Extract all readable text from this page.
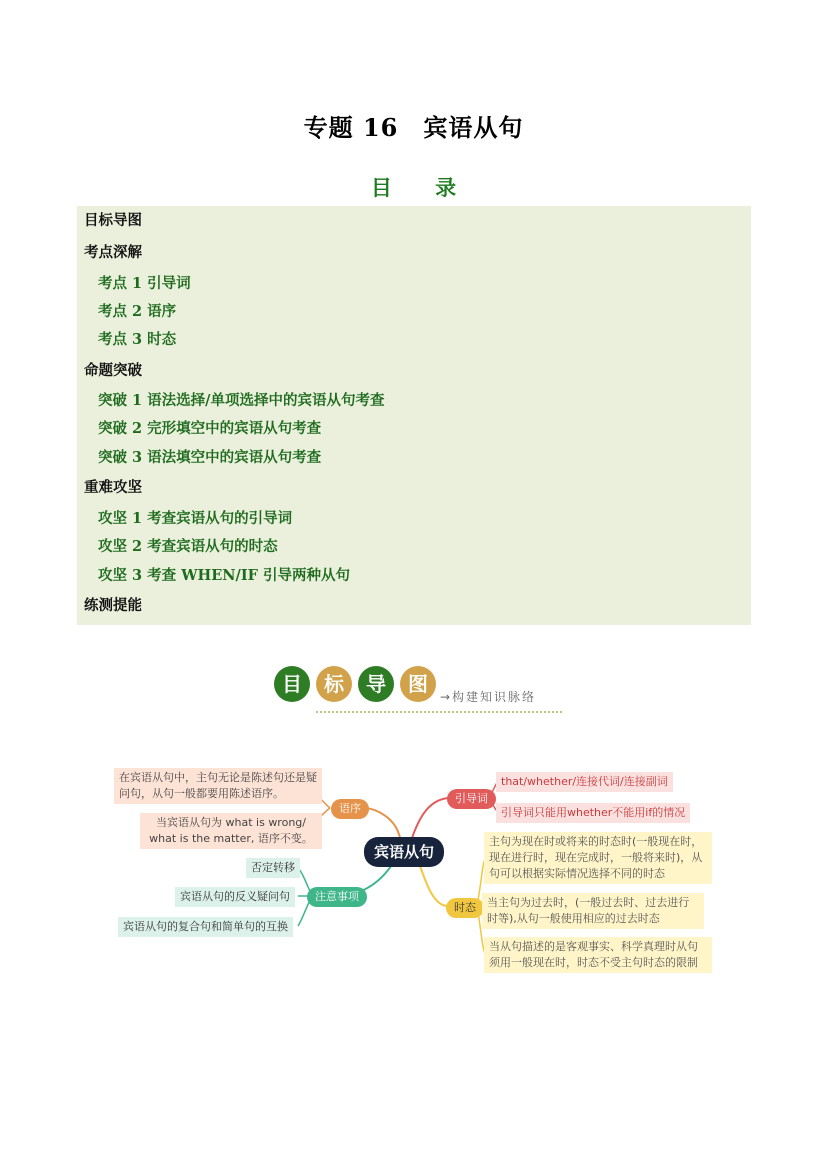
专题 16　宾语从句
目 录
目标导图
考点深解
考点 1 引导词
考点 2 语序
考点 3 时态
命题突破
突破 1 语法选择/单项选择中的宾语从句考查
突破 2 完形填空中的宾语从句考查
突破 3 语法填空中的宾语从句考查
重难攻坚
攻坚 1 考查宾语从句的引导词
攻坚 2 考查宾语从句的时态
攻坚 3 考查 WHEN/IF 引导两种从句
练测提能
目	标	导	图
→构建知识脉络
宾语从句
语序
在宾语从句中，主句无论是陈述句还是疑问句，从句一般都要用陈述语序。
当宾语从句为 what is wrong/ what is the matter, 语序不变。
引导词
that/whether/连接代词/连接副词
引导词只能用whether不能用if的情况
注意事项
否定转移
宾语从句的反义疑问句
宾语从句的复合句和简单句的互换
时态
主句为现在时或将来的时态时(一般现在时，现在进行时，现在完成时，一般将来时)，从句可以根据实际情况选择不同的时态
当主句为过去时，(一般过去时、过去进行时等),从句一般使用相应的过去时态
当从句描述的是客观事实、科学真理时从句须用一般现在时，时态不受主句时态的限制
